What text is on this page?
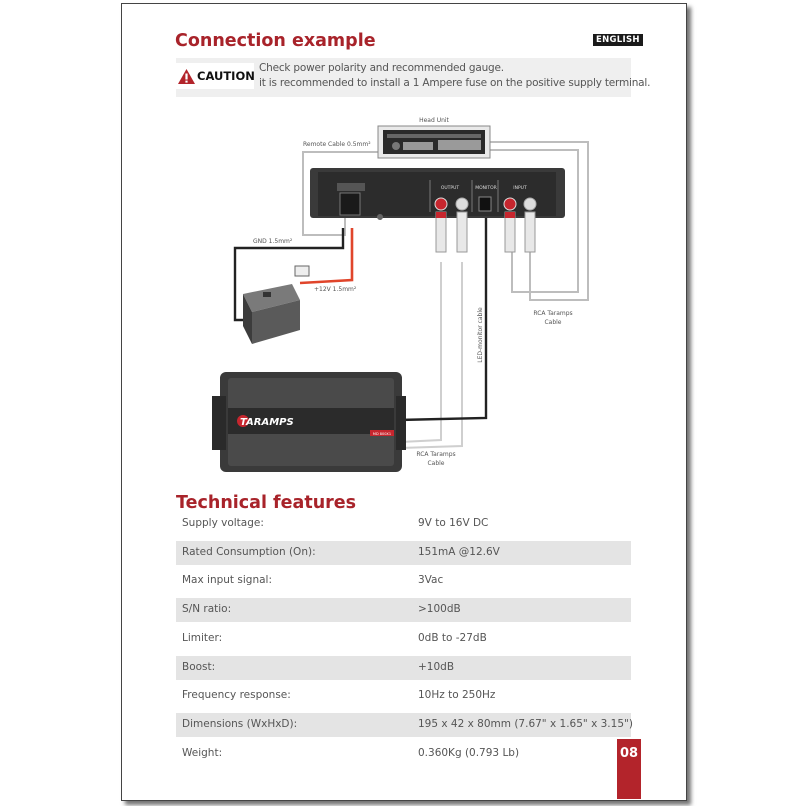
Connection example	ENGLISH
CAUTION
Check power polarity and recommended gauge.
it is recommended to install a 1 Ampere fuse on the positive supply terminal.
Head Unit
Remote Cable 0.5mm²
OUTPUT	MONITOR	INPUT
GND 1.5mm²
+12V 1.5mm²
LED-monitor cable	RCA Taramps
Cable
TARAMPS
MD 800X1
RCA Taramps
Cable
Technical features
Supply voltage:	9V to 16V DC
Rated Consumption (On):	151mA @12.6V
Max input signal:	3Vac
S/N ratio:	>100dB
Limiter:	0dB to -27dB
Boost:	+10dB
Frequency response:	10Hz to 250Hz
Dimensions (WxHxD):	195 x 42 x 80mm (7.67" x 1.65" x 3.15")
Weight:	0.360Kg (0.793 Lb)	08
